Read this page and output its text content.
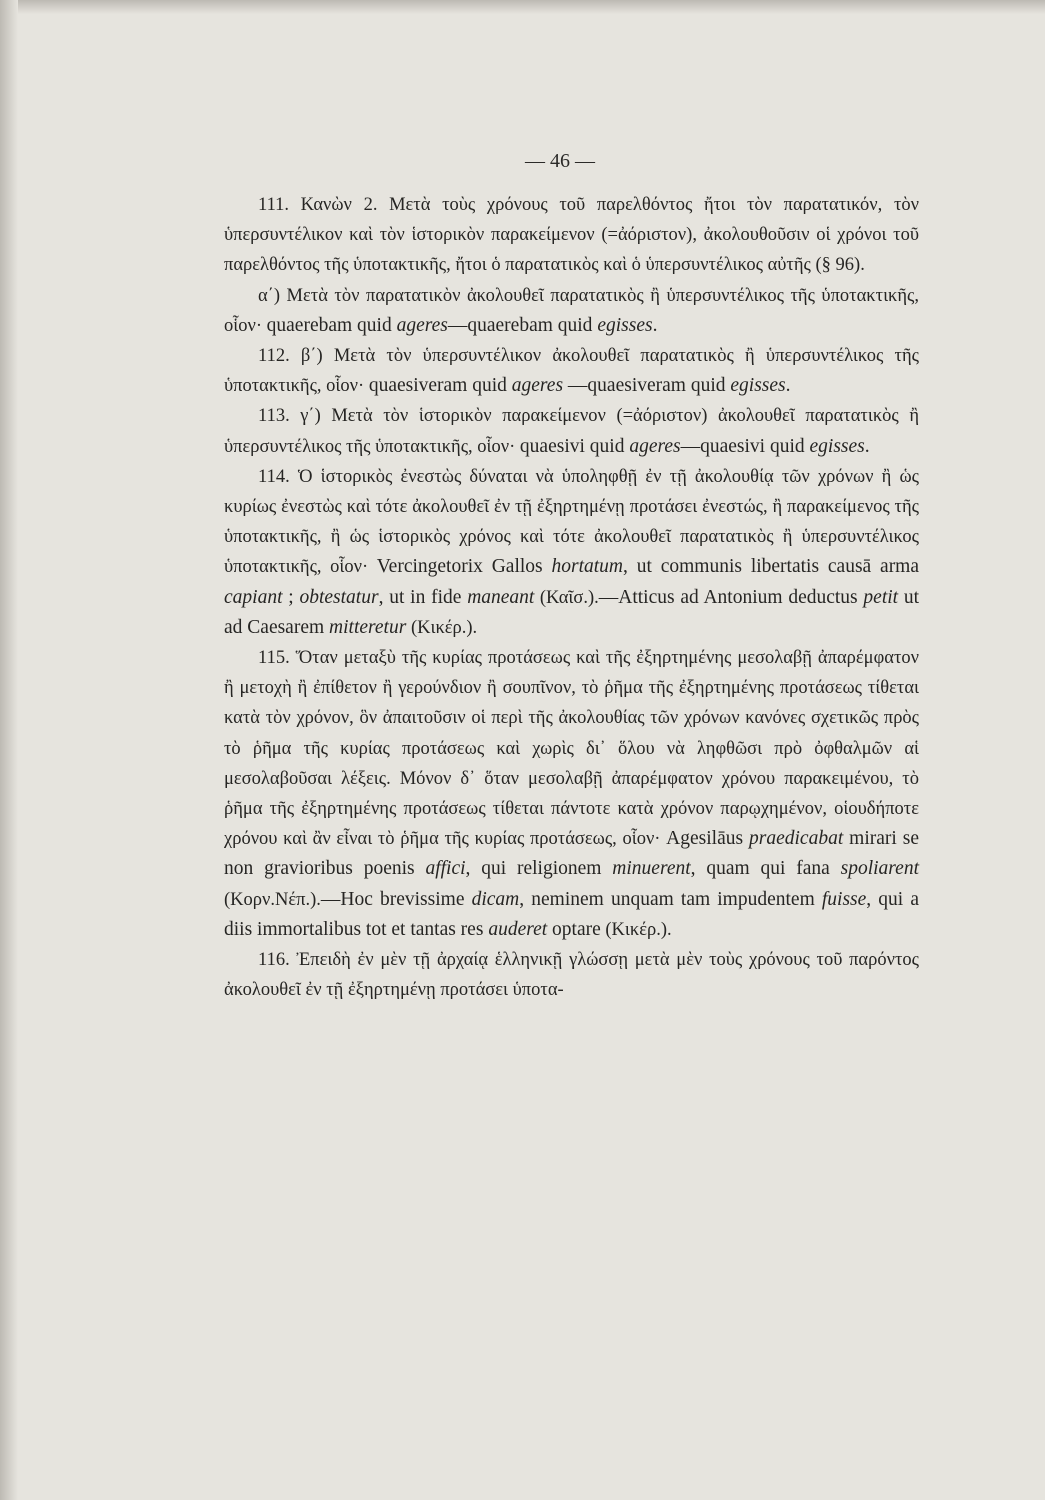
— 46 —

111. Κανὼν 2. Μετὰ τοὺς χρόνους τοῦ παρελθόντος ἤτοι τὸν παρατατικόν, τὸν ὑπερσυντέλικον καὶ τὸν ἱστορικὸν παρακείμενον (=ἀόριστον), ἀκολουθοῦσιν οἱ χρόνοι τοῦ παρελθόντος τῆς ὑποτακτικῆς, ἤτοι ὁ παρατατικὸς καὶ ὁ ὑπερσυντέλικος αὐτῆς (§ 96).

α΄) Μετὰ τὸν παρατατικὸν ἀκολουθεῖ παρατατικὸς ἢ ὑπερσυντέλικος τῆς ὑποτακτικῆς, οἷον· quaerebam quid ageres—quaerebam quid egisses.

112. β΄) Μετὰ τὸν ὑπερσυντέλικον ἀκολουθεῖ παρατατικὸς ἢ ὑπερσυντέλικος τῆς ὑποτακτικῆς, οἷον· quaesiveram quid ageres —quaesiveram quid egisses.

113. γ΄) Μετὰ τὸν ἱστορικὸν παρακείμενον (=ἀόριστον) ἀκολουθεῖ παρατατικὸς ἢ ὑπερσυντέλικος τῆς ὑποτακτικῆς, οἷον· quaesivi quid ageres—quaesivi quid egisses.

114. Ὁ ἱστορικὸς ἐνεστὼς δύναται νὰ ὑποληφθῇ ἐν τῇ ἀκολουθίᾳ τῶν χρόνων ἢ ὡς κυρίως ἐνεστὼς καὶ τότε ἀκολουθεῖ ἐν τῇ ἐξηρτημένῃ προτάσει ἐνεστώς, ἢ παρακείμενος τῆς ὑποτακτικῆς, ἢ ὡς ἱστορικὸς χρόνος καὶ τότε ἀκολουθεῖ παρατατικὸς ἢ ὑπερσυντέλικος ὑποτακτικῆς, οἷον· Vercingetorix Gallos hortatum, ut communis libertatis causā arma capiant ; obtestatur, ut in fide maneant (Καῖσ.).—Atticus ad Antonium deductus petit ut ad Caesarem mitteretur (Κικέρ.).

115. Ὅταν μεταξὺ τῆς κυρίας προτάσεως καὶ τῆς ἐξηρτημένης μεσολαβῇ ἀπαρέμφατον ἢ μετοχὴ ἢ ἐπίθετον ἢ γερούνδιον ἢ σουπῖνον, τὸ ῥῆμα τῆς ἐξηρτημένης προτάσεως τίθεται κατὰ τὸν χρόνον, ὃν ἀπαιτοῦσιν οἱ περὶ τῆς ἀκολουθίας τῶν χρόνων κανόνες σχετικῶς πρὸς τὸ ῥῆμα τῆς κυρίας προτάσεως καὶ χωρὶς δι᾽ ὅλου νὰ ληφθῶσι πρὸ ὀφθαλμῶν αἱ μεσολαβοῦσαι λέξεις. Μόνον δ᾽ ὅταν μεσολαβῇ ἀπαρέμφατον χρόνου παρακειμένου, τὸ ῥῆμα τῆς ἐξηρτημένης προτάσεως τίθεται πάντοτε κατὰ χρόνον παρῳχημένον, οἱουδήποτε χρόνου καὶ ἂν εἶναι τὸ ῥῆμα τῆς κυρίας προτάσεως, οἷον· Agesilāus praedicabat mirari se non gravioribus poenis affici, qui religionem minuerent, quam qui fana spoliarent (Κορν.Νέπ.).—Hoc brevissime dicam, neminem unquam tam impudentem fuisse, qui a diis immortalibus tot et tantas res auderet optare (Κικέρ.).

116. Ἐπειδὴ ἐν μὲν τῇ ἀρχαίᾳ ἑλληνικῇ γλώσσῃ μετὰ μὲν τοὺς χρόνους τοῦ παρόντος ἀκολουθεῖ ἐν τῇ ἐξηρτημένῃ προτάσει ὑποτα-
